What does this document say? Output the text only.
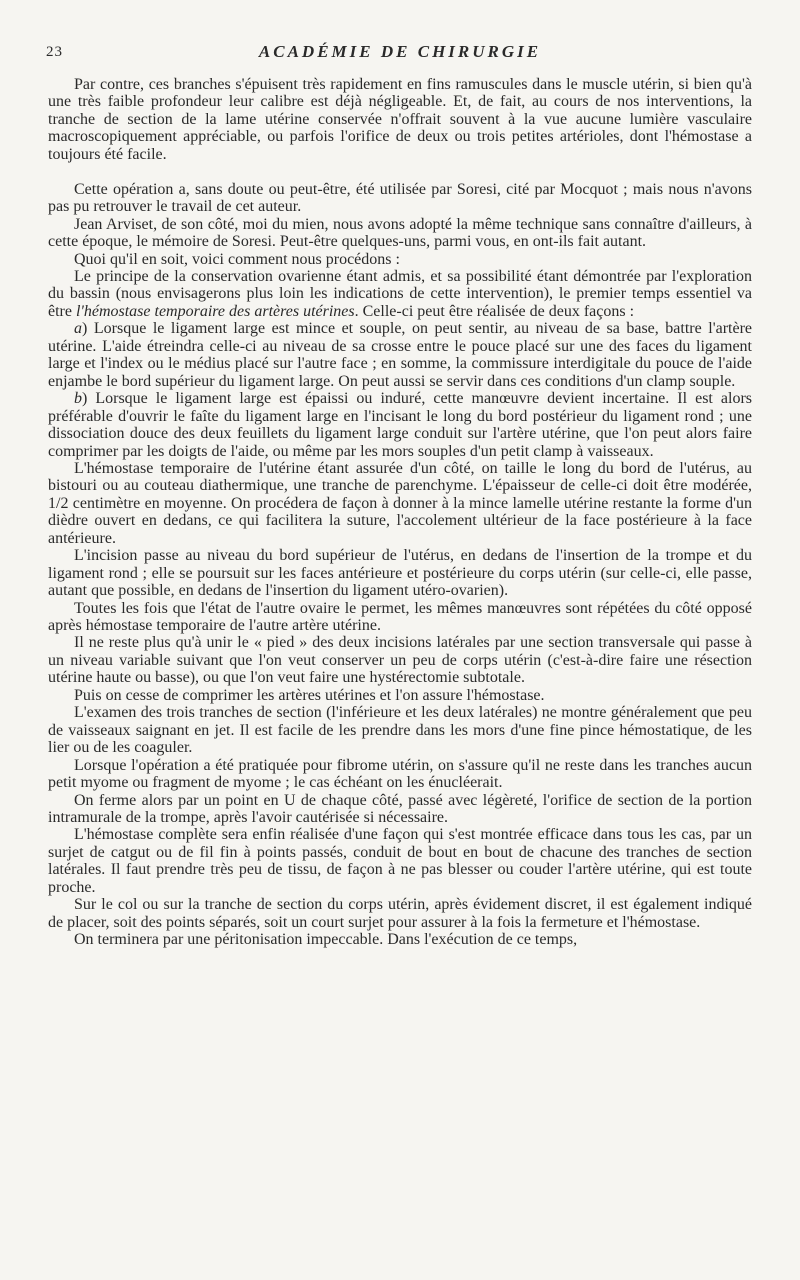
23	ACADÉMIE DE CHIRURGIE

Par contre, ces branches s'épuisent très rapidement en fins ramuscules dans le muscle utérin, si bien qu'à une très faible profondeur leur calibre est déjà négligeable. Et, de fait, au cours de nos interventions, la tranche de section de la lame utérine conservée n'offrait souvent à la vue aucune lumière vasculaire macroscopiquement appréciable, ou parfois l'orifice de deux ou trois petites artérioles, dont l'hémostase a toujours été facile.

Cette opération a, sans doute ou peut-être, été utilisée par Soresi, cité par Mocquot ; mais nous n'avons pas pu retrouver le travail de cet auteur.

Jean Arviset, de son côté, moi du mien, nous avons adopté la même technique sans connaître d'ailleurs, à cette époque, le mémoire de Soresi. Peut-être quelques-uns, parmi vous, en ont-ils fait autant.

Quoi qu'il en soit, voici comment nous procédons :

Le principe de la conservation ovarienne étant admis, et sa possibilité étant démontrée par l'exploration du bassin (nous envisagerons plus loin les indications de cette intervention), le premier temps essentiel va être l'hémostase temporaire des artères utérines. Celle-ci peut être réalisée de deux façons :

a) Lorsque le ligament large est mince et souple, on peut sentir, au niveau de sa base, battre l'artère utérine. L'aide étreindra celle-ci au niveau de sa crosse entre le pouce placé sur une des faces du ligament large et l'index ou le médius placé sur l'autre face ; en somme, la commissure interdigitale du pouce de l'aide enjambe le bord supérieur du ligament large. On peut aussi se servir dans ces conditions d'un clamp souple.

b) Lorsque le ligament large est épaissi ou induré, cette manœuvre devient incertaine. Il est alors préférable d'ouvrir le faîte du ligament large en l'incisant le long du bord postérieur du ligament rond ; une dissociation douce des deux feuillets du ligament large conduit sur l'artère utérine, que l'on peut alors faire comprimer par les doigts de l'aide, ou même par les mors souples d'un petit clamp à vaisseaux.

L'hémostase temporaire de l'utérine étant assurée d'un côté, on taille le long du bord de l'utérus, au bistouri ou au couteau diathermique, une tranche de parenchyme. L'épaisseur de celle-ci doit être modérée, 1/2 centimètre en moyenne. On procédera de façon à donner à la mince lamelle utérine restante la forme d'un dièdre ouvert en dedans, ce qui facilitera la suture, l'accolement ultérieur de la face postérieure à la face antérieure.

L'incision passe au niveau du bord supérieur de l'utérus, en dedans de l'insertion de la trompe et du ligament rond ; elle se poursuit sur les faces antérieure et postérieure du corps utérin (sur celle-ci, elle passe, autant que possible, en dedans de l'insertion du ligament utéro-ovarien).

Toutes les fois que l'état de l'autre ovaire le permet, les mêmes manœuvres sont répétées du côté opposé après hémostase temporaire de l'autre artère utérine.

Il ne reste plus qu'à unir le « pied » des deux incisions latérales par une section transversale qui passe à un niveau variable suivant que l'on veut conserver un peu de corps utérin (c'est-à-dire faire une résection utérine haute ou basse), ou que l'on veut faire une hystérectomie subtotale.

Puis on cesse de comprimer les artères utérines et l'on assure l'hémostase.

L'examen des trois tranches de section (l'inférieure et les deux latérales) ne montre généralement que peu de vaisseaux saignant en jet. Il est facile de les prendre dans les mors d'une fine pince hémostatique, de les lier ou de les coaguler.

Lorsque l'opération a été pratiquée pour fibrome utérin, on s'assure qu'il ne reste dans les tranches aucun petit myome ou fragment de myome ; le cas échéant on les énucléerait.

On ferme alors par un point en U de chaque côté, passé avec légèreté, l'orifice de section de la portion intramurale de la trompe, après l'avoir cautérisée si nécessaire.

L'hémostase complète sera enfin réalisée d'une façon qui s'est montrée efficace dans tous les cas, par un surjet de catgut ou de fil fin à points passés, conduit de bout en bout de chacune des tranches de section latérales. Il faut prendre très peu de tissu, de façon à ne pas blesser ou couder l'artère utérine, qui est toute proche.

Sur le col ou sur la tranche de section du corps utérin, après évidement discret, il est également indiqué de placer, soit des points séparés, soit un court surjet pour assurer à la fois la fermeture et l'hémostase.

On terminera par une péritonisation impeccable. Dans l'exécution de ce temps,
